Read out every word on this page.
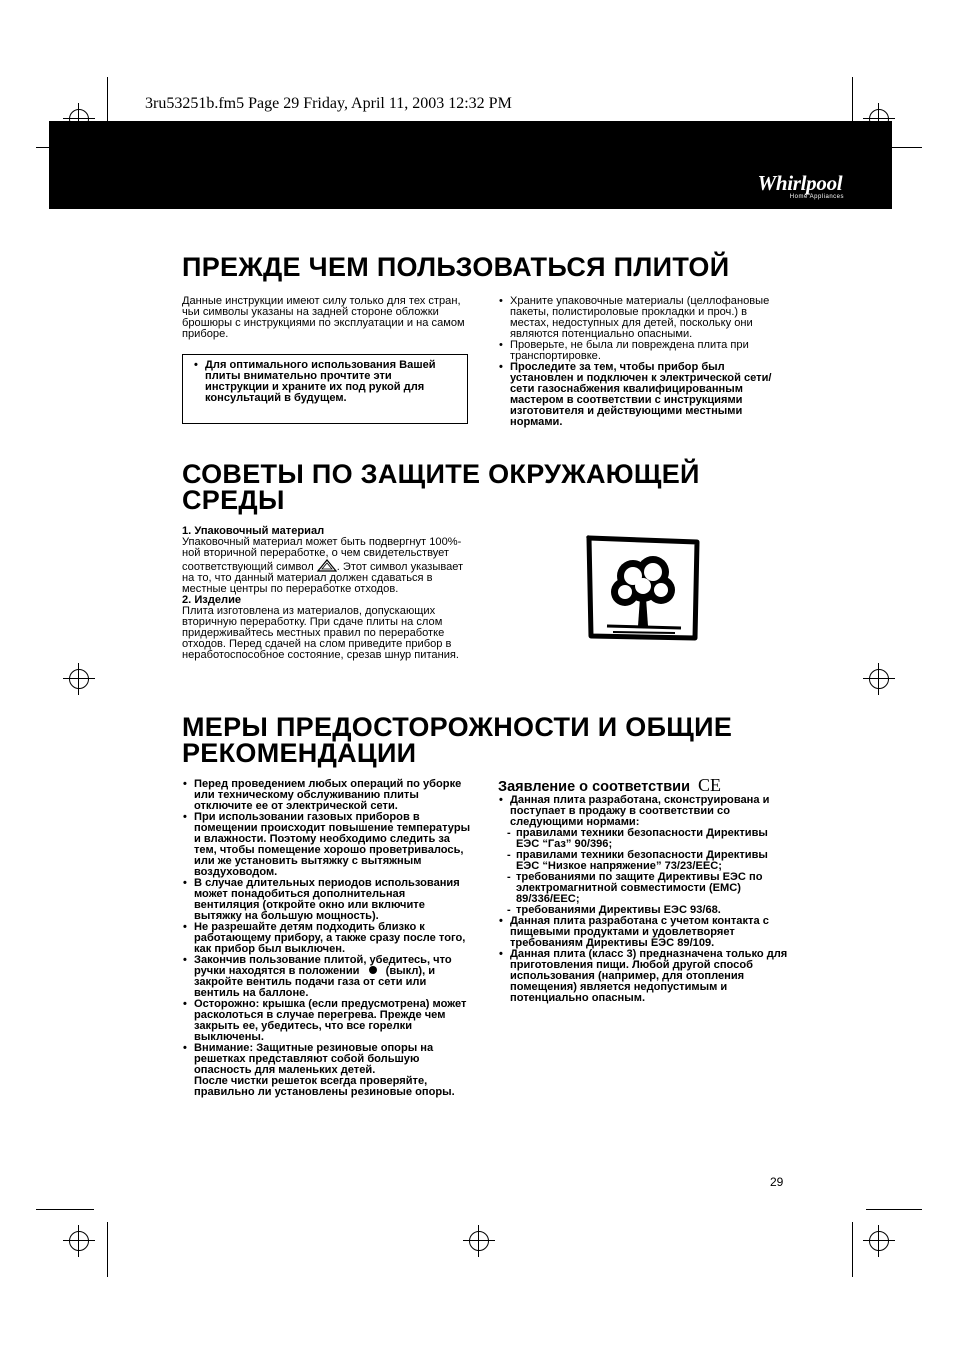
3ru53251b.fm5 Page 29 Friday, April 11, 2003 12:32 PM
Whirlpool
Home Appliances
ПРЕЖДЕ ЧЕМ ПОЛЬЗОВАТЬСЯ ПЛИТОЙ
Данные инструкции имеют силу только для тех стран, чьи символы указаны на задней стороне обложки брошюры с инструкциями по эксплуатации и на самом приборе.
• Для оптимального использования Вашей плиты внимательно прочтите эти инструкции и храните их под рукой для консультаций в будущем.
• Храните упаковочные материалы (целлофановые пакеты, полистироловые прокладки и проч.) в местах, недоступных для детей, поскольку они являются потенциально опасными.
• Проверьте, не была ли повреждена плита при транспортировке.
• Проследите за тем, чтобы прибор был установлен и подключен к электрической сети/сети газоснабжения квалифицированным мастером в соответствии с инструкциями изготовителя и действующими местными нормами.
СОВЕТЫ ПО ЗАЩИТЕ ОКРУЖАЮЩЕЙ
СРЕДЫ
1. Упаковочный материал
Упаковочный материал может быть подвергнут 100%-ной вторичной переработке, о чем свидетельствует соответствующий символ . Этот символ указывает на то, что данный материал должен сдаваться в местные центры по переработке отходов.
2. Изделие
Плита изготовлена из материалов, допускающих вторичную переработку. При сдаче плиты на слом придерживайтесь местных правил по переработке отходов. Перед сдачей на слом приведите прибор в неработоспособное состояние, срезав шнур питания.
МЕРЫ ПРЕДОСТОРОЖНОСТИ И ОБЩИЕ
РЕКОМЕНДАЦИИ
• Перед проведением любых операций по уборке или техническому обслуживанию плиты отключите ее от электрической сети.
• При использовании газовых приборов в помещении происходит повышение температуры и влажности. Поэтому необходимо следить за тем, чтобы помещение хорошо проветривалось, или же установить вытяжку с вытяжным воздуховодом.
• В случае длительных периодов использования может понадобиться дополнительная вентиляция (откройте окно или включите вытяжку на большую мощность).
• Не разрешайте детям подходить близко к работающему прибору, а также сразу после того, как прибор был выключен.
• Закончив пользование плитой, убедитесь, что ручки находятся в положении (выкл), и закройте вентиль подачи газа от сети или вентиль на баллоне.
• Осторожно: крышка (если предусмотрена) может расколоться в случае перегрева. Прежде чем закрыть ее, убедитесь, что все горелки выключены.
• Внимание: Защитные резиновые опоры на решетках представляют собой большую опасность для маленьких детей.
После чистки решеток всегда проверяйте, правильно ли установлены резиновые опоры.
Заявление о соответствии CE
• Данная плита разработана, сконструирована и поступает в продажу в соответствии со следующими нормами:
- правилами техники безопасности Директивы ЕЭС “Газ” 90/396;
- правилами техники безопасности Директивы ЕЭС “Низкое напряжение” 73/23/EEC;
- требованиями по защите Директивы ЕЭС по электромагнитной совместимости (EMC) 89/336/EEC;
- требованиями Директивы ЕЭС 93/68.
• Данная плита разработана с учетом контакта с пищевыми продуктами и удовлетворяет требованиям Директивы ЕЭС 89/109.
• Данная плита (класс 3) предназначена только для приготовления пищи. Любой другой способ использования (например, для отопления помещения) является недопустимым и потенциально опасным.
29
